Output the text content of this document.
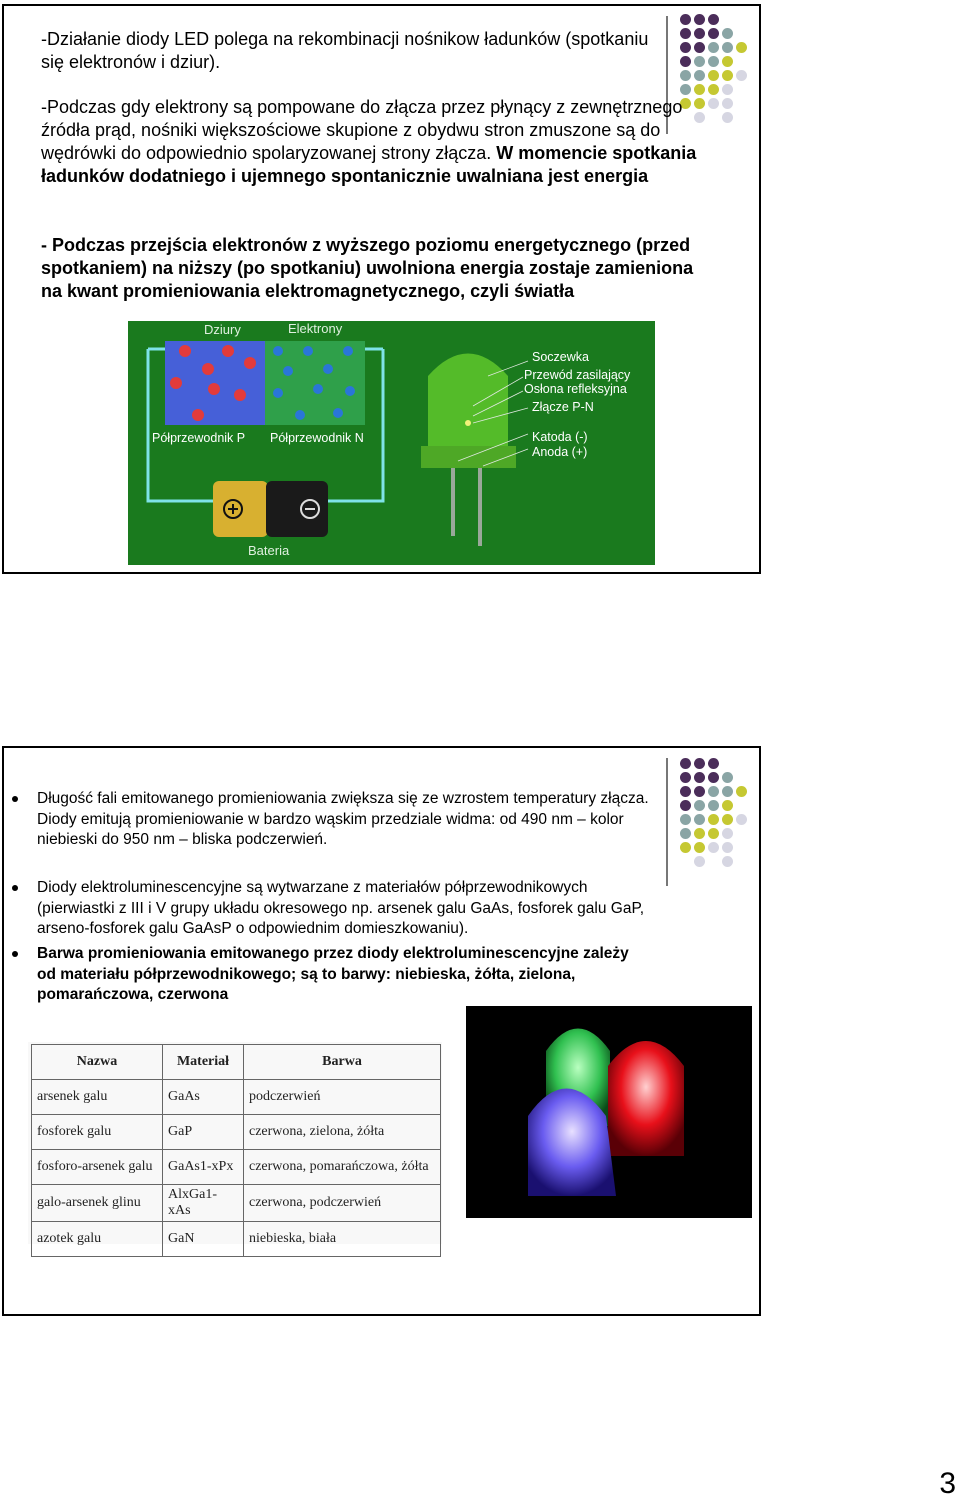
-Działanie diody LED polega na rekombinacji nośnikow ładunków (spotkaniu się elektronów i dziur).

-Podczas gdy elektrony są pompowane do złącza przez płynący z zewnętrznego źródła prąd, nośniki większościowe skupione z obydwu stron zmuszone są do wędrówki do odpowiednio spolaryzowanej strony złącza. W momencie spotkania ładunków dodatniego i ujemnego spontanicznie uwalniana jest energia

- Podczas przejścia elektronów z wyższego poziomu energetycznego (przed spotkaniem) na niższy (po spotkaniu) uwolniona energia zostaje zamieniona na kwant promieniowania elektromagnetycznego, czyli światła

Dziury	Elektrony
Półprzewodnik P Półprzewodnik N
Bateria
Soczewka
Przewód zasilający
Osłona refleksyjna
Złącze P-N
Katoda (-)
Anoda (+)

Długość fali emitowanego promieniowania zwiększa się ze wzrostem temperatury złącza. Diody emitują promieniowanie w bardzo wąskim przedziale widma: od 490 nm – kolor niebieski do 950 nm – bliska podczerwień.

Diody elektroluminescencyjne są wytwarzane z materiałów półprzewodnikowych (pierwiastki z III i V grupy układu okresowego np. arsenek galu GaAs, fosforek galu GaP, arseno-fosforek galu GaAsP o odpowiednim domieszkowaniu).

Barwa promieniowania emitowanego przez diody elektroluminescencyjne zależy od materiału półprzewodnikowego; są to barwy: niebieska, żółta, zielona, pomarańczowa, czerwona

Nazwa	Materiał	Barwa
arsenek galu	GaAs	podczerwień
fosforek galu	GaP	czerwona, zielona, żółta
fosforo-arsenek galu	GaAs1-xPx	czerwona, pomarańczowa, żółta
galo-arsenek glinu	AlxGa1-xAs	czerwona, podczerwień
azotek galu	GaN	niebieska, biała
3
